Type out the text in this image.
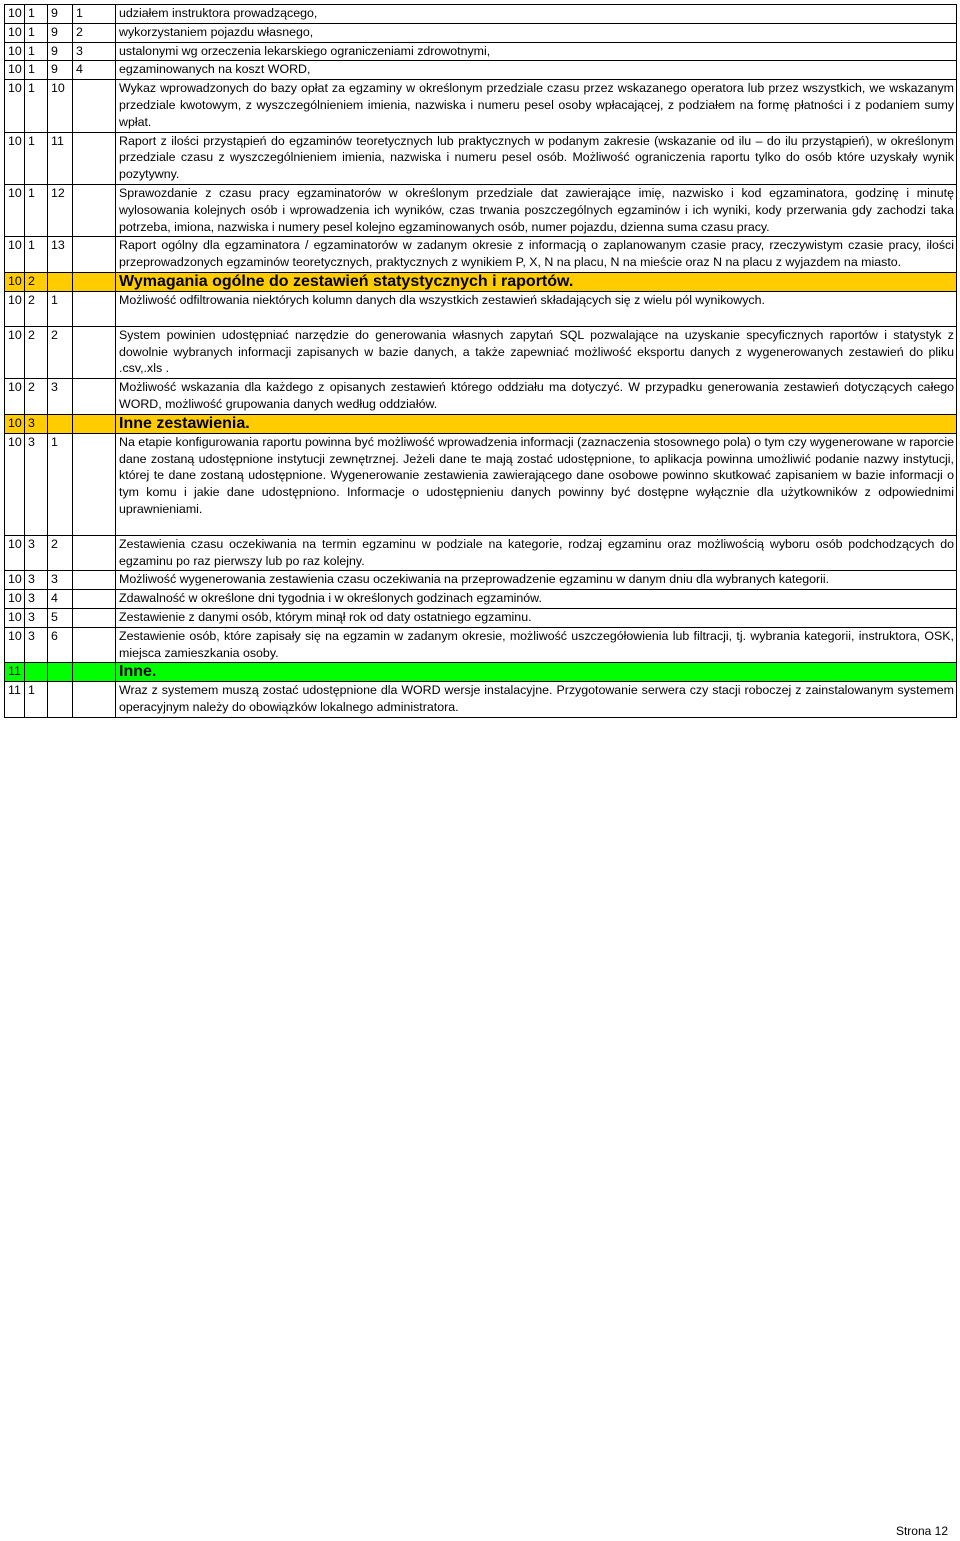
10	1	9	1	udziałem instruktora prowadzącego,
10	1	9	2	wykorzystaniem pojazdu własnego,
10	1	9	3	ustalonymi wg orzeczenia lekarskiego ograniczeniami zdrowotnymi,
10	1	9	4	egzaminowanych na koszt WORD,
10	1	10		Wykaz wprowadzonych do bazy opłat za egzaminy w określonym przedziale czasu przez wskazanego operatora lub przez wszystkich, we wskazanym przedziale kwotowym, z wyszczególnieniem imienia, nazwiska i numeru pesel osoby wpłacającej, z podziałem na formę płatności i z podaniem sumy wpłat.
10	1	11		Raport z ilości przystąpień do egzaminów teoretycznych lub praktycznych w podanym zakresie (wskazanie od ilu – do ilu przystąpień), w określonym przedziale czasu z wyszczególnieniem imienia, nazwiska i numeru pesel osób. Możliwość ograniczenia raportu tylko do osób które uzyskały wynik pozytywny.
10	1	12		Sprawozdanie z czasu pracy egzaminatorów w określonym przedziale dat zawierające imię, nazwisko i kod egzaminatora, godzinę i minutę wylosowania kolejnych osób i wprowadzenia ich wyników, czas trwania poszczególnych egzaminów i ich wyniki, kody przerwania gdy zachodzi taka potrzeba, imiona, nazwiska i numery pesel kolejno egzaminowanych osób, numer pojazdu, dzienna suma czasu pracy.
10	1	13		Raport ogólny dla egzaminatora / egzaminatorów w zadanym okresie z informacją o zaplanowanym czasie pracy, rzeczywistym czasie pracy, ilości przeprowadzonych egzaminów teoretycznych, praktycznych z wynikiem P, X, N na placu, N na mieście oraz N na placu z wyjazdem na miasto.
10	2			Wymagania ogólne do zestawień statystycznych i raportów.
10	2	1		Możliwość odfiltrowania niektórych kolumn danych dla wszystkich zestawień składających się z wielu pól wynikowych.
10	2	2		System powinien udostępniać narzędzie do generowania własnych zapytań SQL pozwalające na uzyskanie specyficznych raportów i statystyk z dowolnie wybranych informacji zapisanych w bazie danych, a także zapewniać możliwość eksportu danych z wygenerowanych zestawień do pliku .csv,.xls .
10	2	3		Możliwość wskazania dla każdego z opisanych zestawień którego oddziału ma dotyczyć. W przypadku generowania zestawień dotyczących całego WORD, możliwość grupowania danych według oddziałów.
10	3			Inne zestawienia.
10	3	1		Na etapie konfigurowania raportu powinna być możliwość wprowadzenia informacji (zaznaczenia stosownego pola) o tym czy wygenerowane w raporcie dane zostaną udostępnione instytucji zewnętrznej. Jeżeli dane te mają zostać udostępnione, to aplikacja powinna umożliwić podanie nazwy instytucji, której te dane zostaną udostępnione. Wygenerowanie zestawienia zawierającego dane osobowe powinno skutkować zapisaniem w bazie informacji o tym komu i jakie dane udostępniono. Informacje o udostępnieniu danych powinny być dostępne wyłącznie dla użytkowników z odpowiednimi uprawnieniami.
10	3	2		Zestawienia czasu oczekiwania na termin egzaminu w podziale na kategorie, rodzaj egzaminu oraz możliwością wyboru osób podchodzących do egzaminu po raz pierwszy lub po raz kolejny.
10	3	3		Możliwość wygenerowania zestawienia czasu oczekiwania na przeprowadzenie egzaminu w danym dniu dla wybranych kategorii.
10	3	4		Zdawalność w określone dni tygodnia i w określonych godzinach egzaminów.
10	3	5		Zestawienie z danymi osób, którym minął rok od daty ostatniego egzaminu.
10	3	6		Zestawienie osób, które zapisały się na egzamin w zadanym okresie, możliwość uszczegółowienia lub filtracji, tj. wybrania kategorii, instruktora, OSK, miejsca zamieszkania osoby.
11				Inne.
11	1			Wraz z systemem muszą zostać udostępnione dla WORD wersje instalacyjne. Przygotowanie serwera czy stacji roboczej z zainstalowanym systemem operacyjnym należy do obowiązków lokalnego administratora.
Strona 12
